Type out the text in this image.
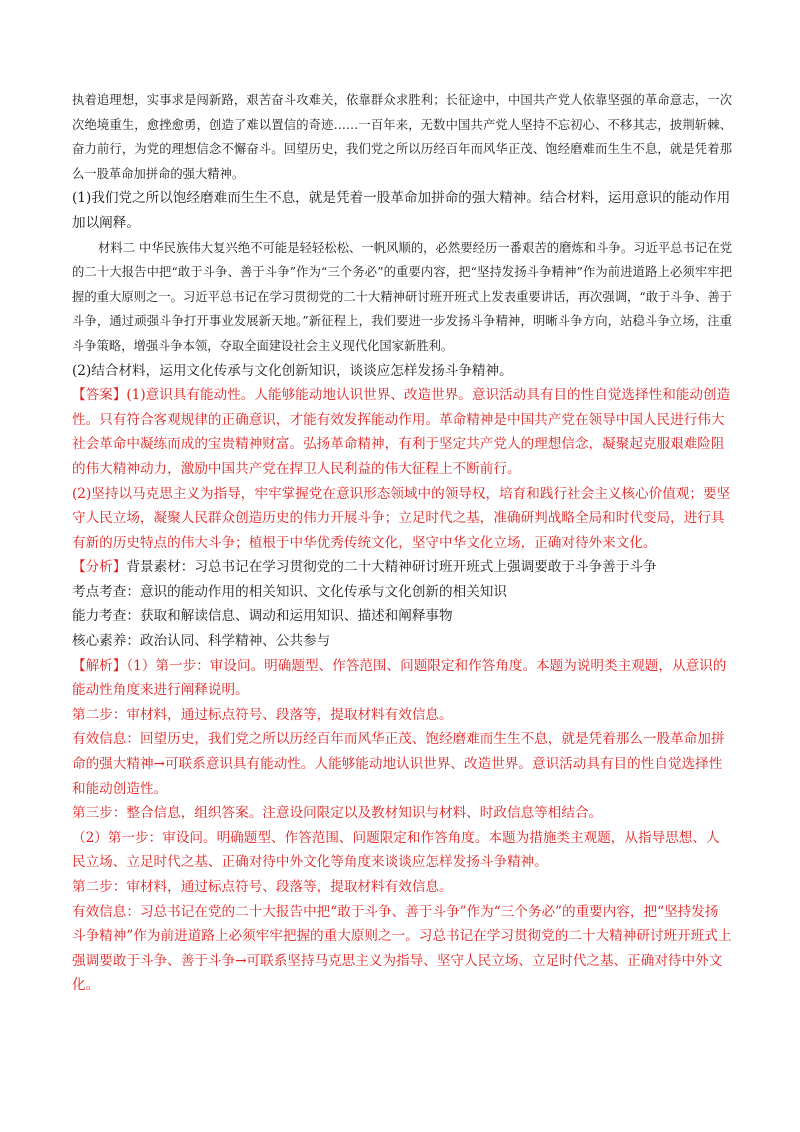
执着追理想，实事求是闯新路，艰苦奋斗攻难关，依靠群众求胜利；长征途中，中国共产党人依靠坚强的革命意志，一次次绝境重生，愈挫愈勇，创造了难以置信的奇迹……一百年来，无数中国共产党人坚持不忘初心、不移其志，披荆斩棘、奋力前行，为党的理想信念不懈奋斗。回望历史，我们党之所以历经百年而风华正茂、饱经磨难而生生不息，就是凭着那么一股革命加拼命的强大精神。

(1)我们党之所以饱经磨难而生生不息，就是凭着一股革命加拼命的强大精神。结合材料，运用意识的能动作用加以阐释。

材料二 中华民族伟大复兴绝不可能是轻轻松松、一帆风顺的，必然要经历一番艰苦的磨炼和斗争。习近平总书记在党的二十大报告中把“敢于斗争、善于斗争”作为“三个务必”的重要内容，把“坚持发扬斗争精神”作为前进道路上必须牢牢把握的重大原则之一。习近平总书记在学习贯彻党的二十大精神研讨班开班式上发表重要讲话，再次强调，“敢于斗争、善于斗争，通过顽强斗争打开事业发展新天地。”新征程上，我们要进一步发扬斗争精神，明晰斗争方向，站稳斗争立场，注重斗争策略，增强斗争本领，夺取全面建设社会主义现代化国家新胜利。

(2)结合材料，运用文化传承与文化创新知识，谈谈应怎样发扬斗争精神。

【答案】(1)意识具有能动性。人能够能动地认识世界、改造世界。意识活动具有目的性自觉选择性和能动创造性。只有符合客观规律的正确意识，才能有效发挥能动作用。革命精神是中国共产党在领导中国人民进行伟大社会革命中凝练而成的宝贵精神财富。弘扬革命精神，有利于坚定共产党人的理想信念，凝聚起克服艰难险阻的伟大精神动力，激励中国共产党在捍卫人民利益的伟大征程上不断前行。

(2)坚持以马克思主义为指导，牢牢掌握党在意识形态领域中的领导权，培育和践行社会主义核心价值观；要坚守人民立场，凝聚人民群众创造历史的伟力开展斗争；立足时代之基，准确研判战略全局和时代变局，进行具有新的历史特点的伟大斗争；植根于中华优秀传统文化，坚守中华文化立场，正确对待外来文化。

【分析】背景素材：习总书记在学习贯彻党的二十大精神研讨班开班式上强调要敢于斗争善于斗争

考点考查：意识的能动作用的相关知识、文化传承与文化创新的相关知识

能力考查：获取和解读信息、调动和运用知识、描述和阐释事物

核心素养：政治认同、科学精神、公共参与

【解析】（1）第一步：审设问。明确题型、作答范围、问题限定和作答角度。本题为说明类主观题，从意识的能动性角度来进行阐释说明。

第二步：审材料，通过标点符号、段落等，提取材料有效信息。

有效信息：回望历史，我们党之所以历经百年而风华正茂、饱经磨难而生生不息，就是凭着那么一股革命加拼命的强大精神→可联系意识具有能动性。人能够能动地认识世界、改造世界。意识活动具有目的性自觉选择性和能动创造性。

第三步：整合信息，组织答案。注意设问限定以及教材知识与材料、时政信息等相结合。

（2）第一步：审设问。明确题型、作答范围、问题限定和作答角度。本题为措施类主观题，从指导思想、人民立场、立足时代之基、正确对待中外文化等角度来谈谈应怎样发扬斗争精神。

第二步：审材料，通过标点符号、段落等，提取材料有效信息。

有效信息：习总书记在党的二十大报告中把“敢于斗争、善于斗争”作为“三个务必”的重要内容，把“坚持发扬斗争精神”作为前进道路上必须牢牢把握的重大原则之一。习总书记在学习贯彻党的二十大精神研讨班开班式上强调要敢于斗争、善于斗争→可联系坚持马克思主义为指导、坚守人民立场、立足时代之基、正确对待中外文化。
